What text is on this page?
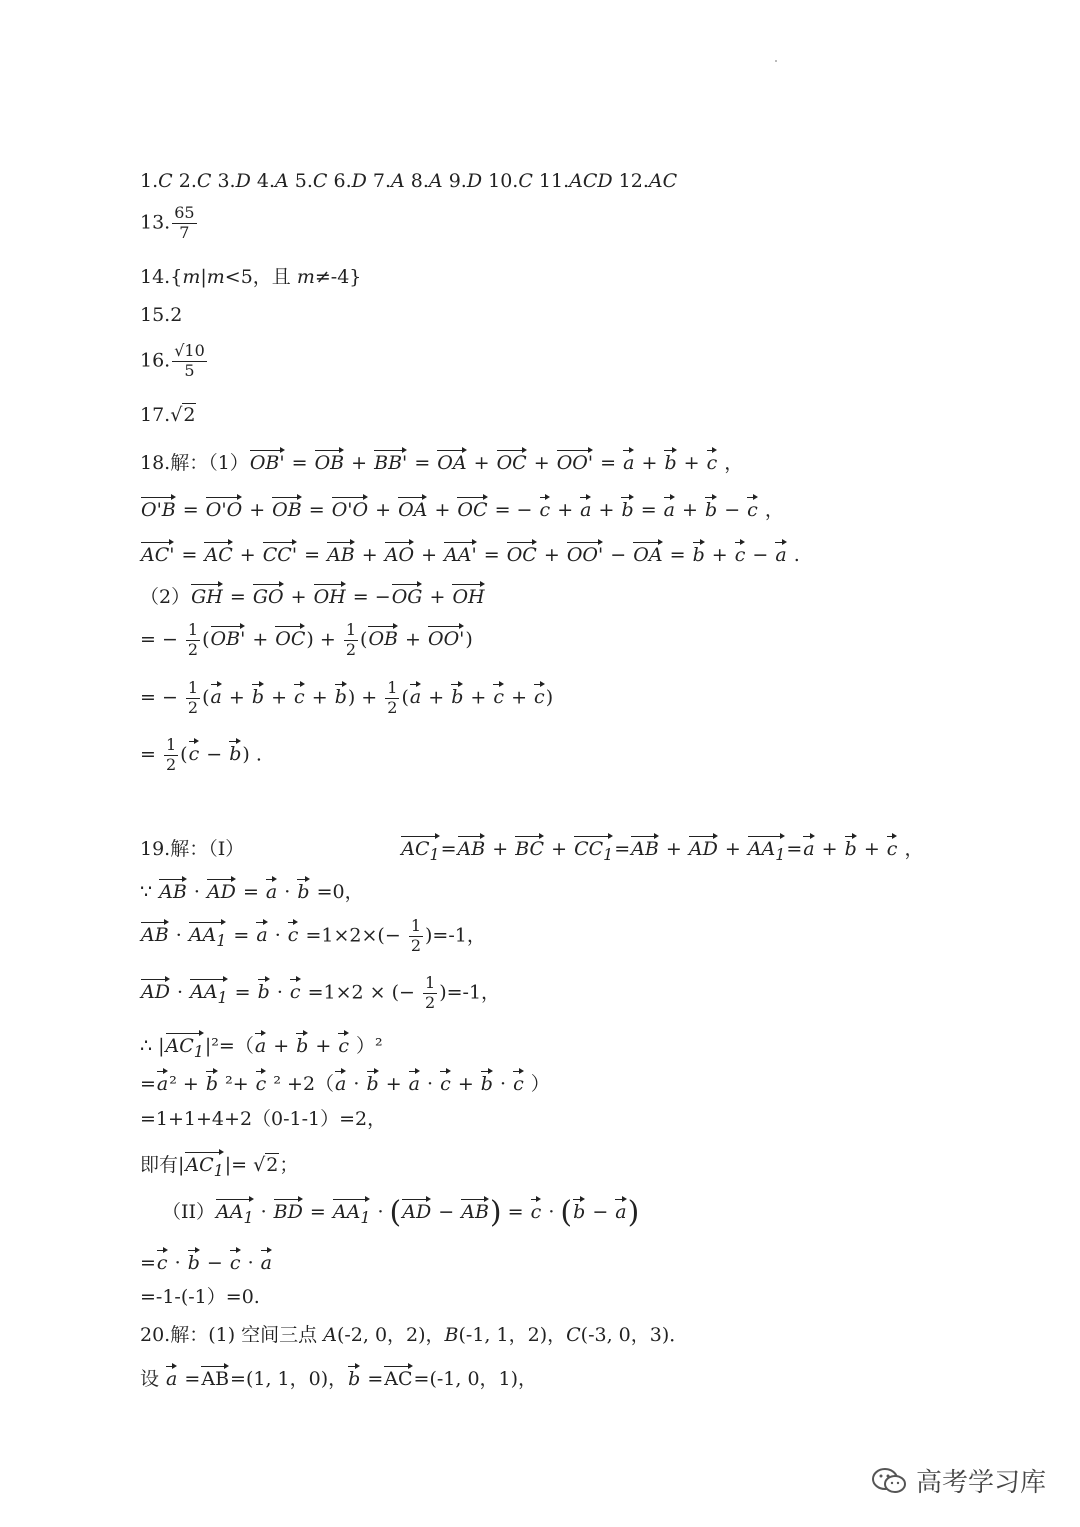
1.C 2.C 3.D 4.A 5.C 6.D 7.A 8.A 9.D 10.C 11.ACD 12.AC
13. $\frac{65}{7}$
14.{m|m<5，且 m≠-4}
15.2
16. $\frac{√10}{5}$
17.√2
18.解：（1）OB' = OB + BB' = OA + OC + OO' = a + b + c ，
O'B = O'O + OB = O'O + OA + OC = − c + a + b = a + b − c ，
AC' = AC + CC' = AB + AO + AA' = OC + OO' − OA = b + c − a .
（2）GH = GO + OH = −OG + OH
= − $\frac{1}{2} (OB' + OC) + \frac{1}{2} (OB + OO')$
= − $\frac{1}{2} (a + b + c + b) + \frac{1}{2} (a + b + c + c)$
= $\frac{1}{2} (c - b)$ .
19.解：（I）	$AC_1=AB$ + BC + $CC_1=AB$ + AD + $AA_1=a + b + c$ ，
∵ AB · AD = a · b =0，
AB · $AA_1 = a \cdot c =1\times 2\times(- \frac{1}{2} )=-1$，
AD · $AA_1 = b \cdot c =1\times 2$ × (− $\frac{1}{2} )=-1$，
∴ $|AC_1|^2=(a + b + c$ ）²
=a² + b ²+ c ² +2（a · b + a · c + b · c ）
=1+1+4+2（0-1-1）=2，
即有$|AC_1|= √2$；
$(II)AA_1$ · BD = $AA_1 \cdot (AD - AB) = c \cdot (b - a)$
=c · b − c · a
=-1-(-1）=0.
20.解：(1) 空间三点 A(-2, 0，2)，B(-1, 1，2)，C(-3, 0，3)．
设 a =AB=(1, 1，0)，b =AC=(-1, 0，1)，
高考学习库
